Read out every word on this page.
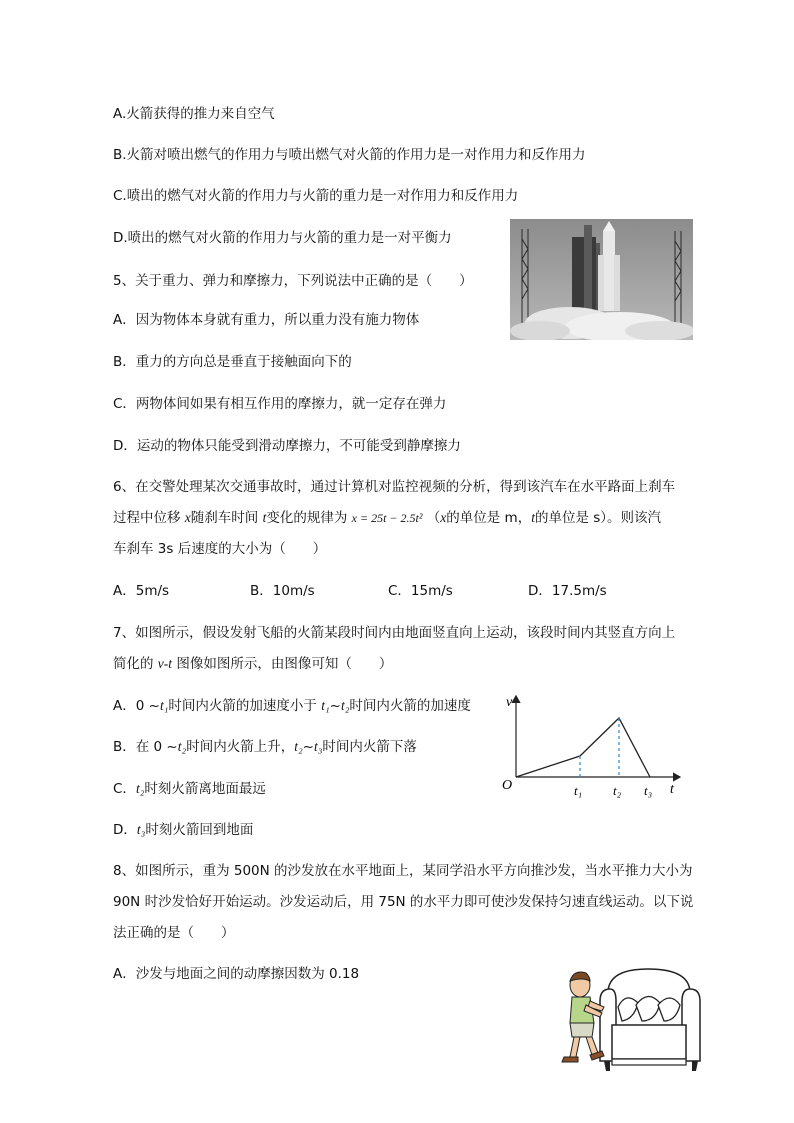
A.火箭获得的推力来自空气
B.火箭对喷出燃气的作用力与喷出燃气对火箭的作用力是一对作用力和反作用力
C.喷出的燃气对火箭的作用力与火箭的重力是一对作用力和反作用力
D.喷出的燃气对火箭的作用力与火箭的重力是一对平衡力
5、关于重力、弹力和摩擦力，下列说法中正确的是（　　）
A．因为物体本身就有重力，所以重力没有施力物体
B．重力的方向总是垂直于接触面向下的
C．两物体间如果有相互作用的摩擦力，就一定存在弹力
D．运动的物体只能受到滑动摩擦力，不可能受到静摩擦力
6、在交警处理某次交通事故时，通过计算机对监控视频的分析，得到该汽车在水平路面上刹车
过程中位移 x随刹车时间 t变化的规律为 x = 25t − 2.5t² （x的单位是 m，t的单位是 s）。则该汽
车刹车 3s 后速度的大小为（　　）
A．5m/s	B．10m/s	C．15m/s	D．17.5m/s
7、如图所示，假设发射飞船的火箭某段时间内由地面竖直向上运动，该段时间内其竖直方向上
简化的 v-t 图像如图所示，由图像可知（　　）
A．0 ~t₁时间内火箭的加速度小于 t₁~t₂时间内火箭的加速度
B．在 0 ~t₂时间内火箭上升，t₂~t₃时间内火箭下落
C．t₂时刻火箭离地面最远
D．t₃时刻火箭回到地面
v
O	t
t₁ t₂ t₃
8、如图所示，重为 500N 的沙发放在水平地面上，某同学沿水平方向推沙发，当水平推力大小为
90N 时沙发恰好开始运动。沙发运动后，用 75N 的水平力即可使沙发保持匀速直线运动。以下说
法正确的是（　　）
A．沙发与地面之间的动摩擦因数为 0.18
